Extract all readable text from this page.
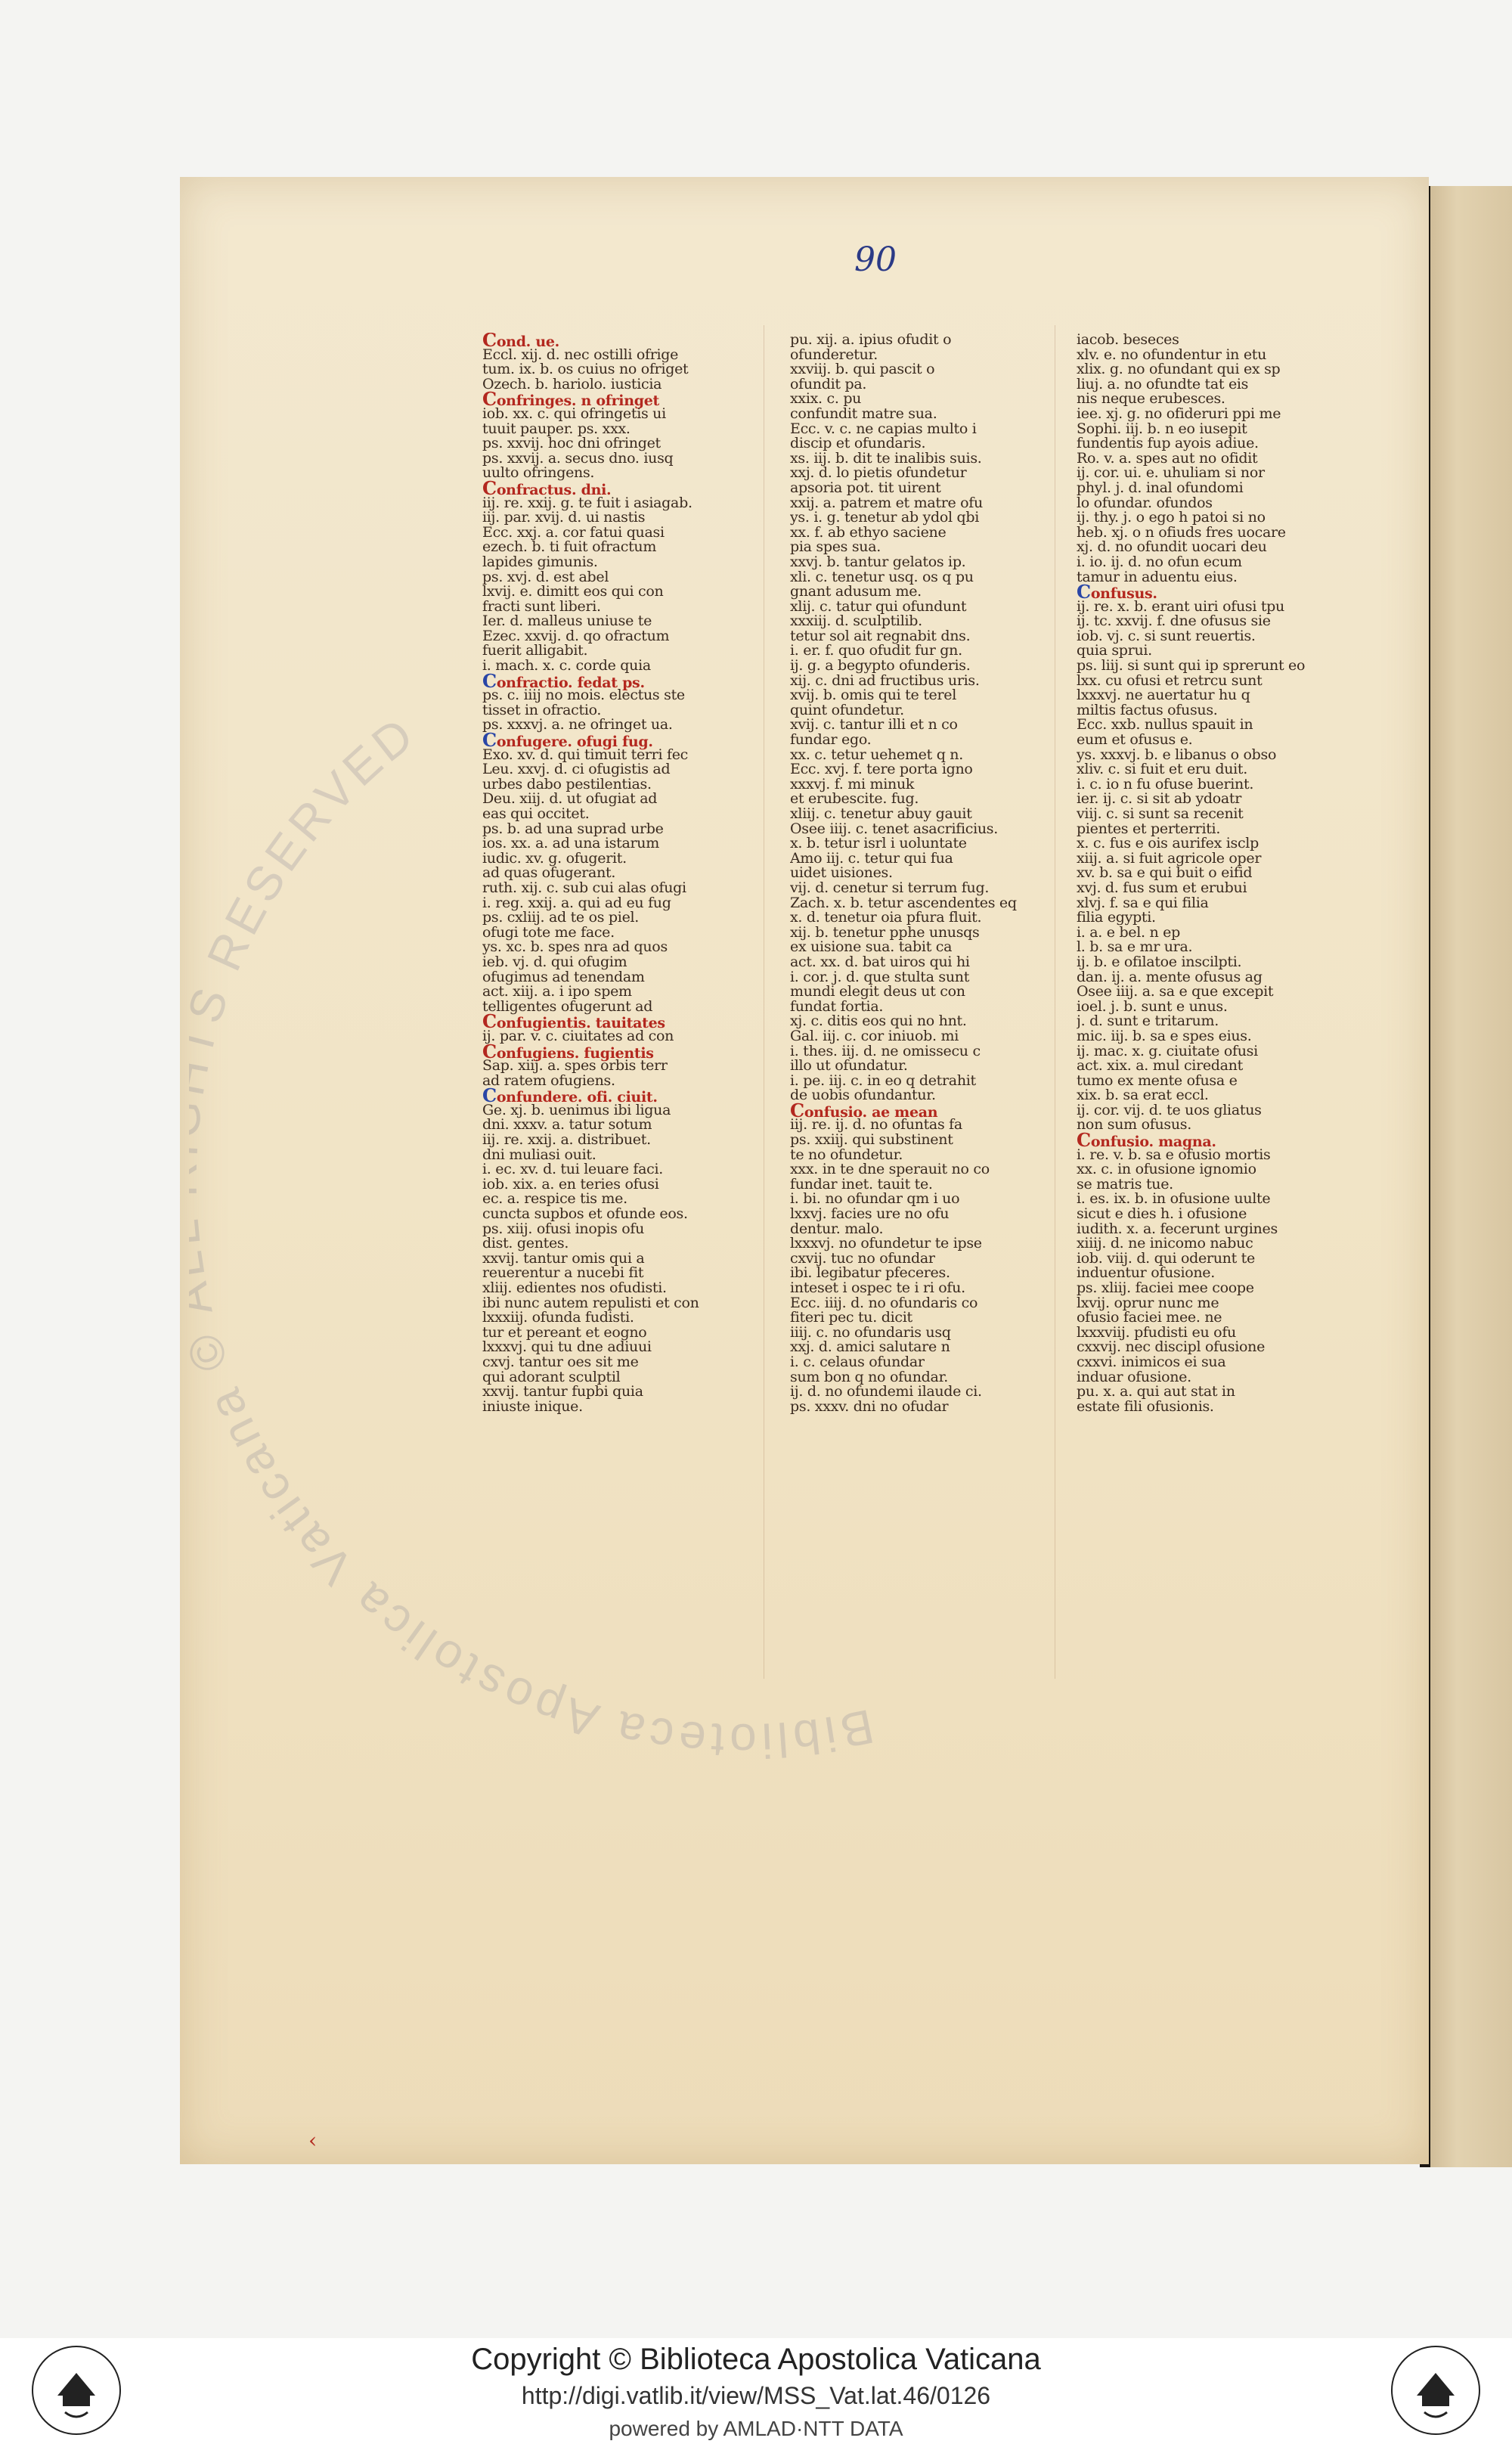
Biblioteca Apostolica Vaticana RESERVED
90
Cond. ue.
Eccl. xij. d. nec ostilli ofrige
tum. ix. b. os cuius no ofriget
Ozech. b. hariolo. iusticia
Confringes. n ofringet
iob. xx. c. qui ofringetis ui
tuuit pauper. ps. xxx.
ps. xxvij. hoc dni ofringet
ps. xxvij. a. secus dno. iusq
uulto ofringens.
Confractus. dni.
iij. re. xxij. g. te fuit i asiagab.
iij. par. xvij. d. ui nastis
Ecc. xxj. a. cor fatui quasi
ezech. b. ti fuit ofractum
lapides gimunis.
ps. xvj. d. est abel
lxvij. e. dimitt eos qui con
fracti sunt liberi.
Ier. d. malleus uniuse te
Ezec. xxvij. d. qo ofractum
fuerit alligabit.
i. mach. x. c. corde quia
Confractio. fedat ps.
ps. c. iiij no mois. electus ste
tisset in ofractio.
ps. xxxvj. a. ne ofringet ua.
Confugere. ofugi fug.
Exo. xv. d. qui timuit terri fec
Leu. xxvj. d. ci ofugistis ad
urbes dabo pestilentias.
Deu. xiij. d. ut ofugiat ad
eas qui occitet.
ps. b. ad una suprad urbe
ios. xx. a. ad una istarum
iudic. xv. g. ofugerit.
ad quas ofugerant.
ruth. xij. c. sub cui alas ofugi
i. reg. xxij. a. qui ad eu fug
ps. cxliij. ad te os piel.
ofugi tote me face.
ys. xc. b. spes nra ad quos
ieb. vj. d. qui ofugim
ofugimus ad tenendam
act. xiij. a. i ipo spem
telligentes ofugerunt ad
Confugientis. tauitates
ij. par. v. c. ciuitates ad con
Confugiens. fugientis
Sap. xiij. a. spes orbis terr
ad ratem ofugiens.
Confundere. ofi. ciuit.
Ge. xj. b. uenimus ibi ligua
dni. xxxv. a. tatur sotum
iij. re. xxij. a. distribuet.
dni muliasi ouit.
i. ec. xv. d. tui leuare faci.
iob. xix. a. en teries ofusi
ec. a. respice tis me.
cuncta supbos et ofunde eos.
ps. xiij. ofusi inopis ofu
dist. gentes.
xxvij. tantur omis qui a
reuerentur a nucebi fit
xliij. edientes nos ofudisti.
ibi nunc autem repulisti et con
lxxxiij. ofunda fudisti.
tur et pereant et eogno
lxxxvj. qui tu dne adiuui
cxvj. tantur oes sit me
qui adorant sculptil
xxvij. tantur fupbi quia
iniuste inique.
pu. xij. a. ipius ofudit o
ofunderetur.
xxviij. b. qui pascit o
ofundit pa.
xxix. c. pu
confundit matre sua.
Ecc. v. c. ne capias multo i
discip et ofundaris.
xs. iij. b. dit te inalibis suis.
xxj. d. lo pietis ofundetur
apsoria pot. tit uirent
xxij. a. patrem et matre ofu
ys. i. g. tenetur ab ydol qbi
xx. f. ab ethyo saciene
pia spes sua.
xxvj. b. tantur gelatos ip.
xli. c. tenetur usq. os q pu
gnant adusum me.
xlij. c. tatur qui ofundunt
xxxiij. d. sculptilib.
tetur sol ait regnabit dns.
i. er. f. quo ofudit fur gn.
ij. g. a begypto ofunderis.
xij. c. dni ad fructibus uris.
xvij. b. omis qui te terel
quint ofundetur.
xvij. c. tantur illi et n co
fundar ego.
xx. c. tetur uehemet q n.
Ecc. xvj. f. tere porta igno
xxxvj. f. mi minuk
et erubescite. fug.
xliij. c. tenetur abuy gauit
Osee iiij. c. tenet asacrificius.
x. b. tetur isrl i uoluntate
Amo iij. c. tetur qui fua
uidet uisiones.
vij. d. cenetur si terrum fug.
Zach. x. b. tetur ascendentes eq
x. d. tenetur oia pfura fluit.
xij. b. tenetur pphe unusqs
ex uisione sua. tabit ca
act. xx. d. bat uiros qui hi
i. cor. j. d. que stulta sunt
mundi elegit deus ut con
fundat fortia.
xj. c. ditis eos qui no hnt.
Gal. iij. c. cor iniuob. mi
i. thes. iij. d. ne omissecu c
illo ut ofundatur.
i. pe. iij. c. in eo q detrahit
de uobis ofundantur.
Confusio. ae mean
iij. re. ij. d. no ofuntas fa
ps. xxiij. qui substinent
te no ofundetur.
xxx. in te dne sperauit no co
fundar inet. tauit te.
i. bi. no ofundar qm i uo
lxxvj. facies ure no ofu
dentur. malo.
lxxxvj. no ofundetur te ipse
cxvij. tuc no ofundar
ibi. legibatur pfeceres.
inteset i ospec te i ri ofu.
Ecc. iiij. d. no ofundaris co
fiteri pec tu. dicit
iiij. c. no ofundaris usq
xxj. d. amici salutare n
i. c. celaus ofundar
sum bon q no ofundar.
ij. d. no ofundemi ilaude ci.
ps. xxxv. dni no ofudar
iacob. beseces
xlv. e. no ofundentur in etu
xlix. g. no ofundant qui ex sp
liuj. a. no ofundte tat eis
nis neque erubesces.
iee. xj. g. no ofideruri ppi me
Sophi. iij. b. n eo iusepit
fundentis fup ayois adiue.
Ro. v. a. spes aut no ofidit
ij. cor. ui. e. uhuliam si nor
phyl. j. d. inal ofundomi
lo ofundar. ofundos
ij. thy. j. o ego h patoi si no
heb. xj. o n ofiuds fres uocare
xj. d. no ofundit uocari deu
i. io. ij. d. no ofun ecum
tamur in aduentu eius.
Confusus.
ij. re. x. b. erant uiri ofusi tpu
ij. tc. xxvij. f. dne ofusus sie
iob. vj. c. si sunt reuertis.
quia sprui.
ps. liij. si sunt qui ip sprerunt eo
lxx. cu ofusi et retrcu sunt
lxxxvj. ne auertatur hu q
miltis factus ofusus.
Ecc. xxb. nullus spauit in
eum et ofusus e.
ys. xxxvj. b. e libanus o obso
xliv. c. si fuit et eru duit.
i. c. io n fu ofuse buerint.
ier. ij. c. si sit ab ydoatr
viij. c. si sunt sa recenit
pientes et perterriti.
x. c. fus e ois aurifex isclp
xiij. a. si fuit agricole oper
xv. b. sa e qui buit o eifid
xvj. d. fus sum et erubui
xlvj. f. sa e qui filia
filia egypti.
i. a. e bel. n ep
l. b. sa e mr ura.
ij. b. e ofilatoe inscilpti.
dan. ij. a. mente ofusus ag
Osee iiij. a. sa e que excepit
ioel. j. b. sunt e unus.
j. d. sunt e tritarum.
mic. iij. b. sa e spes eius.
ij. mac. x. g. ciuitate ofusi
act. xix. a. mul ciredant
tumo ex mente ofusa e
xix. b. sa erat eccl.
ij. cor. vij. d. te uos gliatus
non sum ofusus.
Confusio. magna.
i. re. v. b. sa e ofusio mortis
xx. c. in ofusione ignomio
se matris tue.
i. es. ix. b. in ofusione uulte
sicut e dies h. i ofusione
iudith. x. a. fecerunt urgines
xiiij. d. ne inicomo nabuc
iob. viij. d. qui oderunt te
induentur ofusione.
ps. xliij. faciei mee coope
lxvij. oprur nunc me
ofusio faciei mee. ne
lxxxviij. pfudisti eu ofu
cxxvij. nec discipl ofusione
cxxvi. inimicos ei sua
induar ofusione.
pu. x. a. qui aut stat in
estate fili ofusionis.
‹
Copyright © Biblioteca Apostolica Vaticana
http://digi.vatlib.it/view/MSS_Vat.lat.46/0126
powered by AMLAD·NTT DATA
